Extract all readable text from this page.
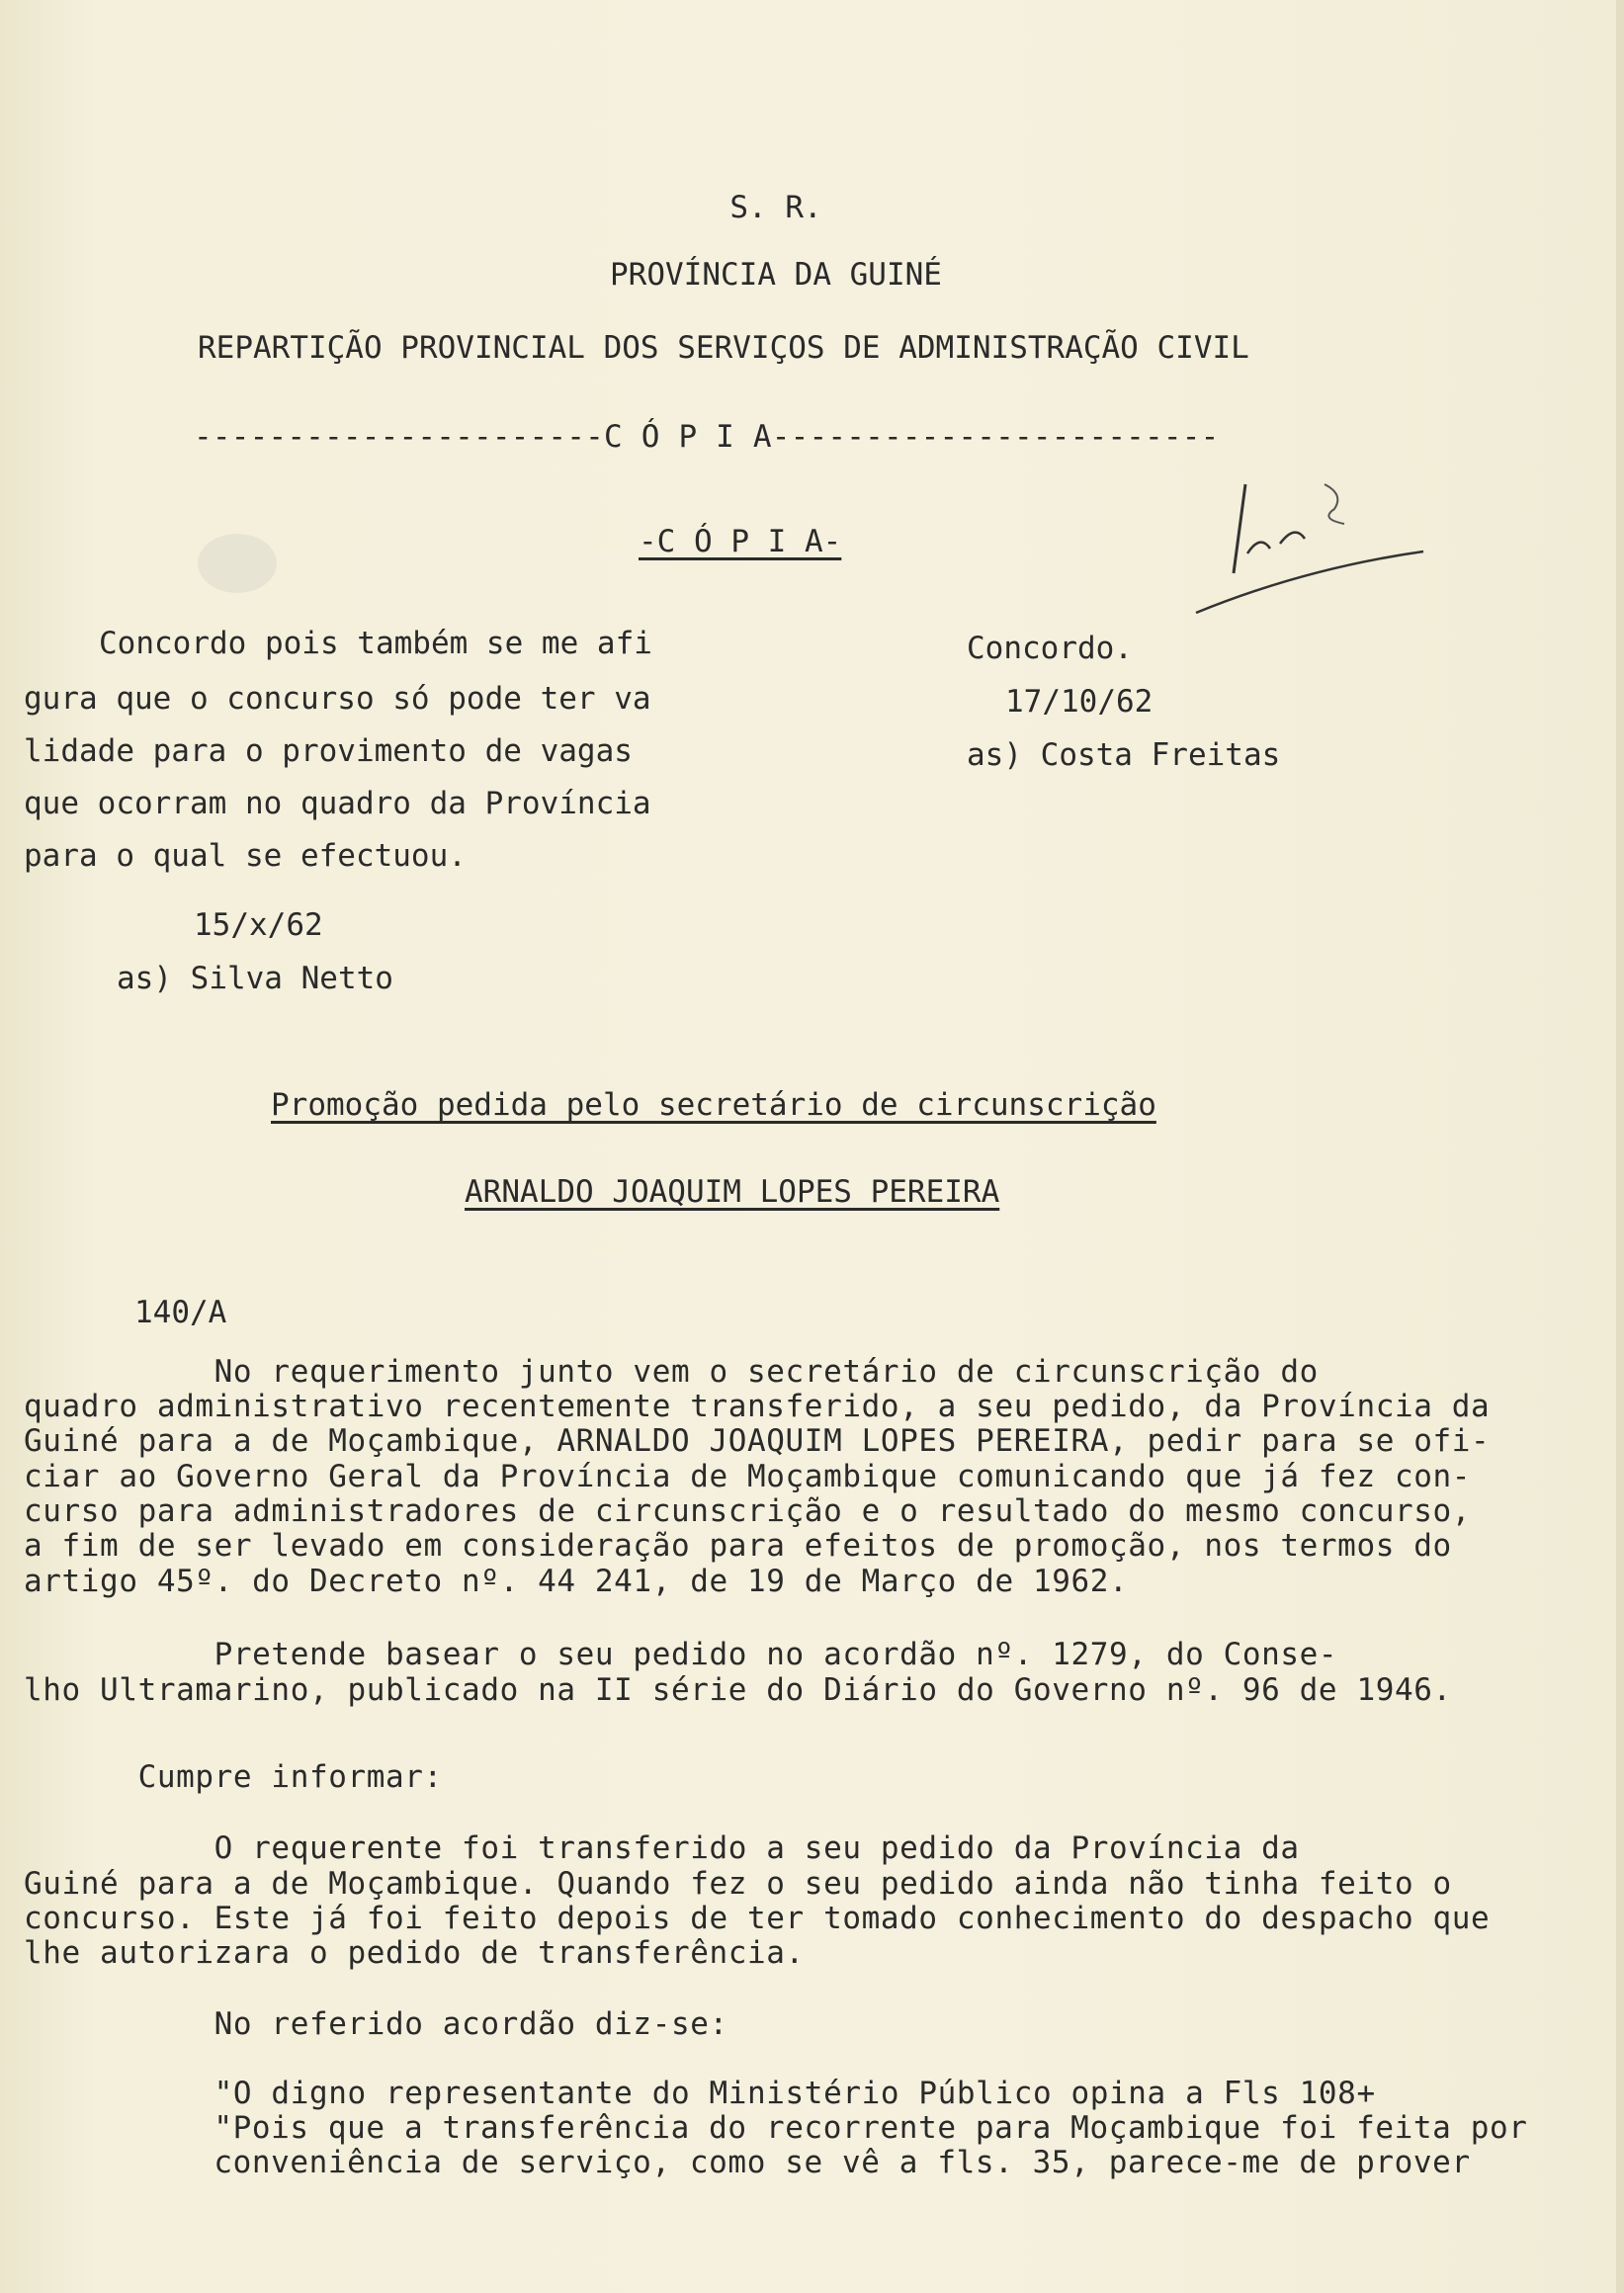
S. R.
PROVÍNCIA DA GUINÉ
REPARTIÇÃO PROVINCIAL DOS SERVIÇOS DE ADMINISTRAÇÃO CIVIL
----------------------C Ó P I A------------------------
-C Ó P I A-
Concordo pois também se me afi
gura que o concurso só pode ter va
lidade para o provimento de vagas
que ocorram no quadro da Província
para o qual se efectuou.
15/x/62
as) Silva Netto
Concordo.
17/10/62
as) Costa Freitas
Promoção pedida pelo secretário de circunscrição
ARNALDO JOAQUIM LOPES PEREIRA
140/A
No requerimento junto vem o secretário de circunscrição do
quadro administrativo recentemente transferido, a seu pedido, da Província da
Guiné para a de Moçambique, ARNALDO JOAQUIM LOPES PEREIRA, pedir para se ofi-
ciar ao Governo Geral da Província de Moçambique comunicando que já fez con-
curso para administradores de circunscrição e o resultado do mesmo concurso,
a fim de ser levado em consideração para efeitos de promoção, nos termos do
artigo 45º. do Decreto nº. 44 241, de 19 de Março de 1962.
Pretende basear o seu pedido no acordão nº. 1279, do Conse-
lho Ultramarino, publicado na II série do Diário do Governo nº. 96 de 1946.
Cumpre informar:
O requerente foi transferido a seu pedido da Província da
Guiné para a de Moçambique. Quando fez o seu pedido ainda não tinha feito o
concurso. Este já foi feito depois de ter tomado conhecimento do despacho que
lhe autorizara o pedido de transferência.
No referido acordão diz-se:
"O digno representante do Ministério Público opina a Fls 108+
"Pois que a transferência do recorrente para Moçambique foi feita por
conveniência de serviço, como se vê a fls. 35, parece-me de prover
